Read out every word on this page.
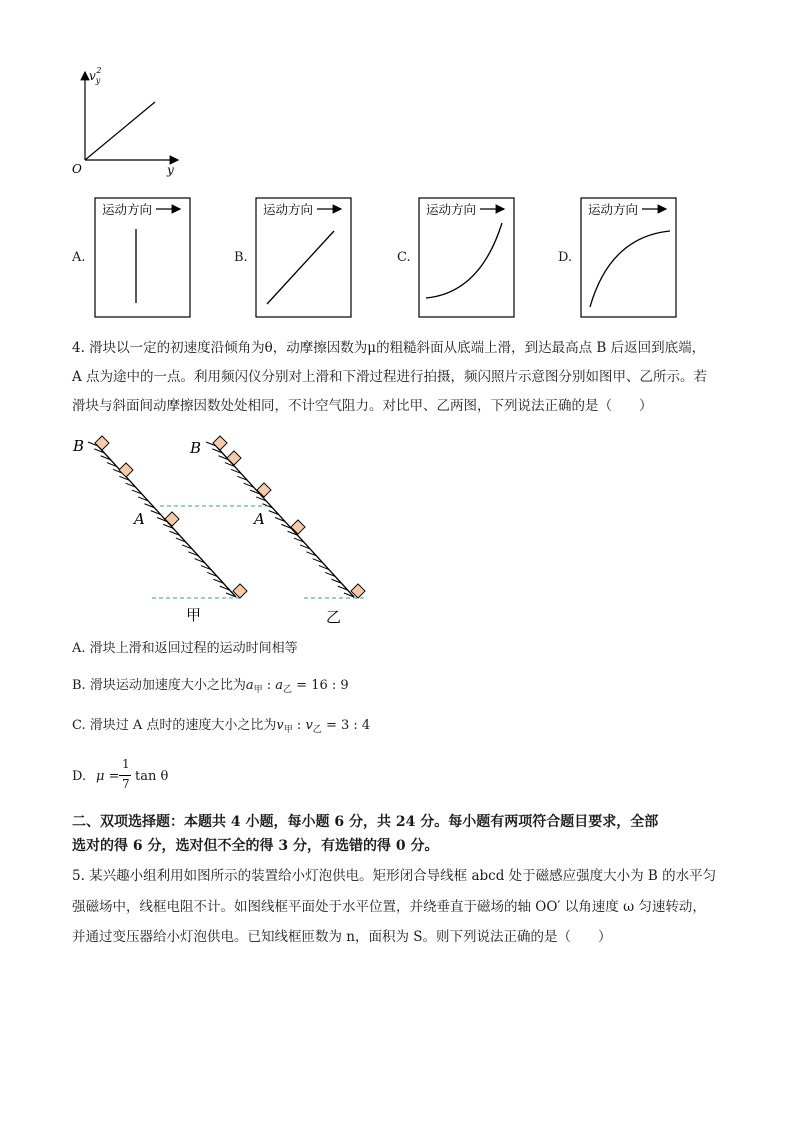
$v_y2$
y
O
A.	B.	C.	D.
运动方向	运动方向	运动方向	运动方向
4. 滑块以一定的初速度沿倾角为θ，动摩擦因数为μ的粗糙斜面从底端上滑，到达最高点 B 后返回到底端，
A 点为途中的一点。利用频闪仪分别对上滑和下滑过程进行拍摄，频闪照片示意图分别如图甲、乙所示。若
滑块与斜面间动摩擦因数处处相同，不计空气阻力。对比甲、乙两图，下列说法正确的是（　　）
B
A
甲
B
A
乙
A. 滑块上滑和返回过程的运动时间相等
B. 滑块运动加速度大小之比为$a_甲$ : $a_乙 = 16$ : 9
C. 滑块过 A 点时的速度大小之比为$v_甲$ : $v_乙 = 3$ : 4
D. μ =
1
7 tan θ
二、双项选择题：本题共 4 小题，每小题 6 分，共 24 分。每小题有两项符合题目要求，全部
选对的得 6 分，选对但不全的得 3 分，有选错的得 0 分。
5. 某兴趣小组利用如图所示的装置给小灯泡供电。矩形闭合导线框 abcd 处于磁感应强度大小为 B 的水平匀
强磁场中，线框电阻不计。如图线框平面处于水平位置，并绕垂直于磁场的轴 OO′ 以角速度 ω 匀速转动，
并通过变压器给小灯泡供电。已知线框匝数为 n，面积为 S。则下列说法正确的是（　　）
